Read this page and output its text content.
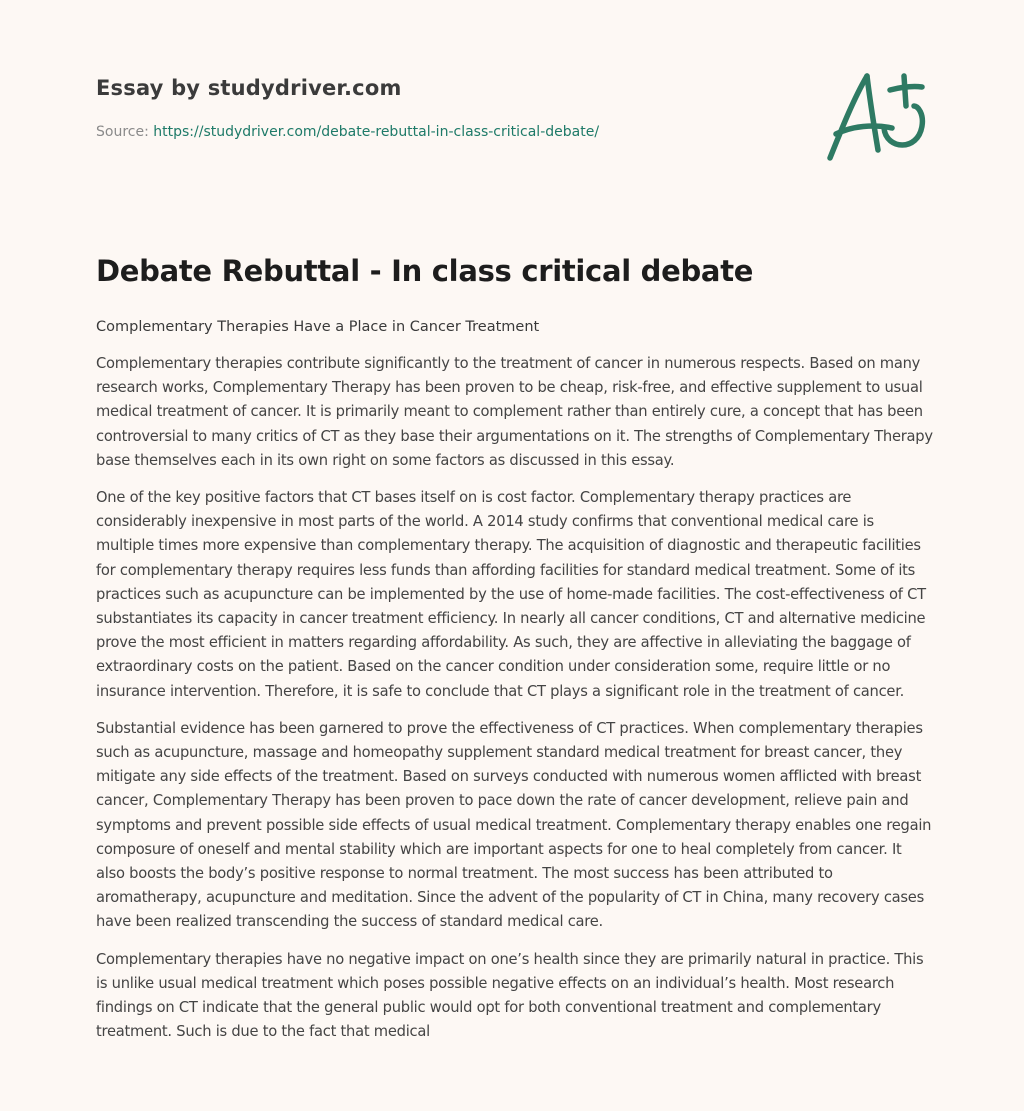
Essay by studydriver.com
Source: https://studydriver.com/debate-rebuttal-in-class-critical-debate/
Debate Rebuttal - In class critical debate

Complementary Therapies Have a Place in Cancer Treatment

Complementary therapies contribute significantly to the treatment of cancer in numerous respects. Based on many research works, Complementary Therapy has been proven to be cheap, risk-free, and effective supplement to usual medical treatment of cancer. It is primarily meant to complement rather than entirely cure, a concept that has been controversial to many critics of CT as they base their argumentations on it. The strengths of Complementary Therapy base themselves each in its own right on some factors as discussed in this essay.

One of the key positive factors that CT bases itself on is cost factor. Complementary therapy practices are considerably inexpensive in most parts of the world. A 2014 study confirms that conventional medical care is multiple times more expensive than complementary therapy. The acquisition of diagnostic and therapeutic facilities for complementary therapy requires less funds than affording facilities for standard medical treatment. Some of its practices such as acupuncture can be implemented by the use of home-made facilities. The cost-effectiveness of CT substantiates its capacity in cancer treatment efficiency. In nearly all cancer conditions, CT and alternative medicine prove the most efficient in matters regarding affordability. As such, they are affective in alleviating the baggage of extraordinary costs on the patient. Based on the cancer condition under consideration some, require little or no insurance intervention. Therefore, it is safe to conclude that CT plays a significant role in the treatment of cancer.

Substantial evidence has been garnered to prove the effectiveness of CT practices. When complementary therapies such as acupuncture, massage and homeopathy supplement standard medical treatment for breast cancer, they mitigate any side effects of the treatment. Based on surveys conducted with numerous women afflicted with breast cancer, Complementary Therapy has been proven to pace down the rate of cancer development, relieve pain and symptoms and prevent possible side effects of usual medical treatment. Complementary therapy enables one regain composure of oneself and mental stability which are important aspects for one to heal completely from cancer. It also boosts the body’s positive response to normal treatment. The most success has been attributed to aromatherapy, acupuncture and meditation. Since the advent of the popularity of CT in China, many recovery cases have been realized transcending the success of standard medical care.

Complementary therapies have no negative impact on one’s health since they are primarily natural in practice. This is unlike usual medical treatment which poses possible negative effects on an individual’s health. Most research findings on CT indicate that the general public would opt for both conventional treatment and complementary treatment. Such is due to the fact that medical
